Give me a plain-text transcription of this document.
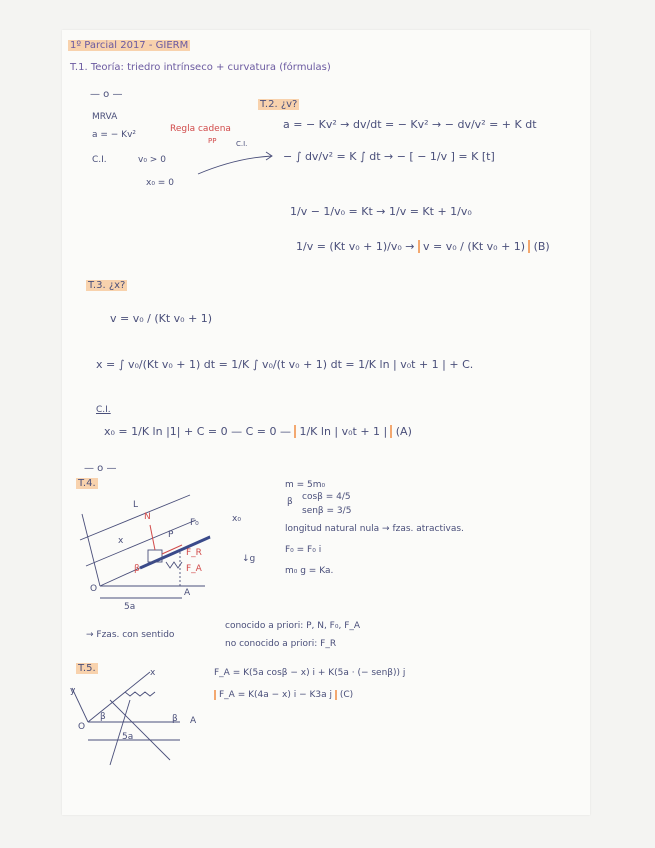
1º Parcial 2017 - GIERM
T.1. Teoría: triedro intrínseco + curvatura (fórmulas)
— o —
T.2. ¿v?
MRVA
a = − Kv²
Regla cadena
PP
C.I.	v₀ > 0
x₀ = 0
C.I.
a = − Kv² → dv/dt = − Kv² → − dv/v² = + K dt
− ∫ dv/v² = K ∫ dt → − [ − 1/v ] = K [t]
1/v − 1/v₀ = Kt → 1/v = Kt + 1/v₀
1/v = (Kt v₀ + 1)/v₀ → v = v₀ / (Kt v₀ + 1) (B)
T.3. ¿x?
v = v₀ / (Kt v₀ + 1)
x = ∫ v₀/(Kt v₀ + 1) dt = 1/K ∫ v₀/(t v₀ + 1) dt = 1/K ln | v₀t + 1 | + C.
C.I.
x₀ = 1/K ln |1| + C = 0 — C = 0 — 1/K ln | v₀t + 1 | (A)
— o —
T.4.
L
x₀
F₀
N
P
F_R
F_A
x
β
O	A
5a
↓g
m = 5m₀
β cosβ = 4/5
senβ = 3/5
longitud natural nula → fzas. atractivas.
F₀ = F₀ i
m₀ g = Ka.
→ Fzas. con sentido
conocido a priori: P, N, F₀, F_A
no conocido a priori: F_R
T.5.	x
y
O
A
5a
β	β
F_A = K(5a cosβ − x) i + K(5a · (− senβ)) j
F_A = K(4a − x) i − K3a j (C)
